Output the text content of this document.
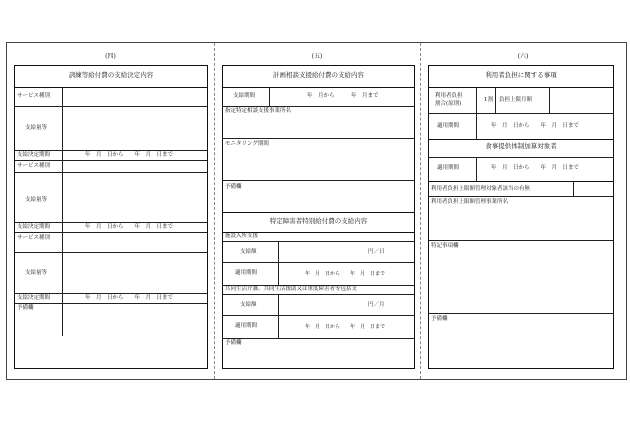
(四)
訓練等給付費の支給決定内容
サービス種別
支給量等
支給決定期間	年　月　日から　　年　月　日まで
サービス種別
支給量等
支給決定期間	年　月　日から　　年　月　日まで
サービス種別
支給量等
支給決定期間	年　月　日から　　年　月　日まで
予備欄
(五)
計画相談支援給付費の支給内容
支給期間	年　月から　　　年　月まで
指定特定相談支援事業所名
モニタリング期間
予備欄
特定障害者特別給付費の支給内容
施設入所支援
支給額	円／日
適用期間	年　月　日から　　年　月　日まで
共同生活介護、共同生活援助又は重度障害者等包括支
支給額	円／月
適用期間	年　月　日から　　年　月　日まで
予備欄
(六)
利用者負担に関する事項
利用者負担
割合(原則)
1割 負担上限月額
適用期間	年　月　日から　　年　月　日まで
食事提供体制加算対象者
適用期間	年　月　日から　　年　月　日まで
利用者負担上限額管理対象者該当の有無
利用者負担上限額管理事業所名
特記事項欄
予備欄
